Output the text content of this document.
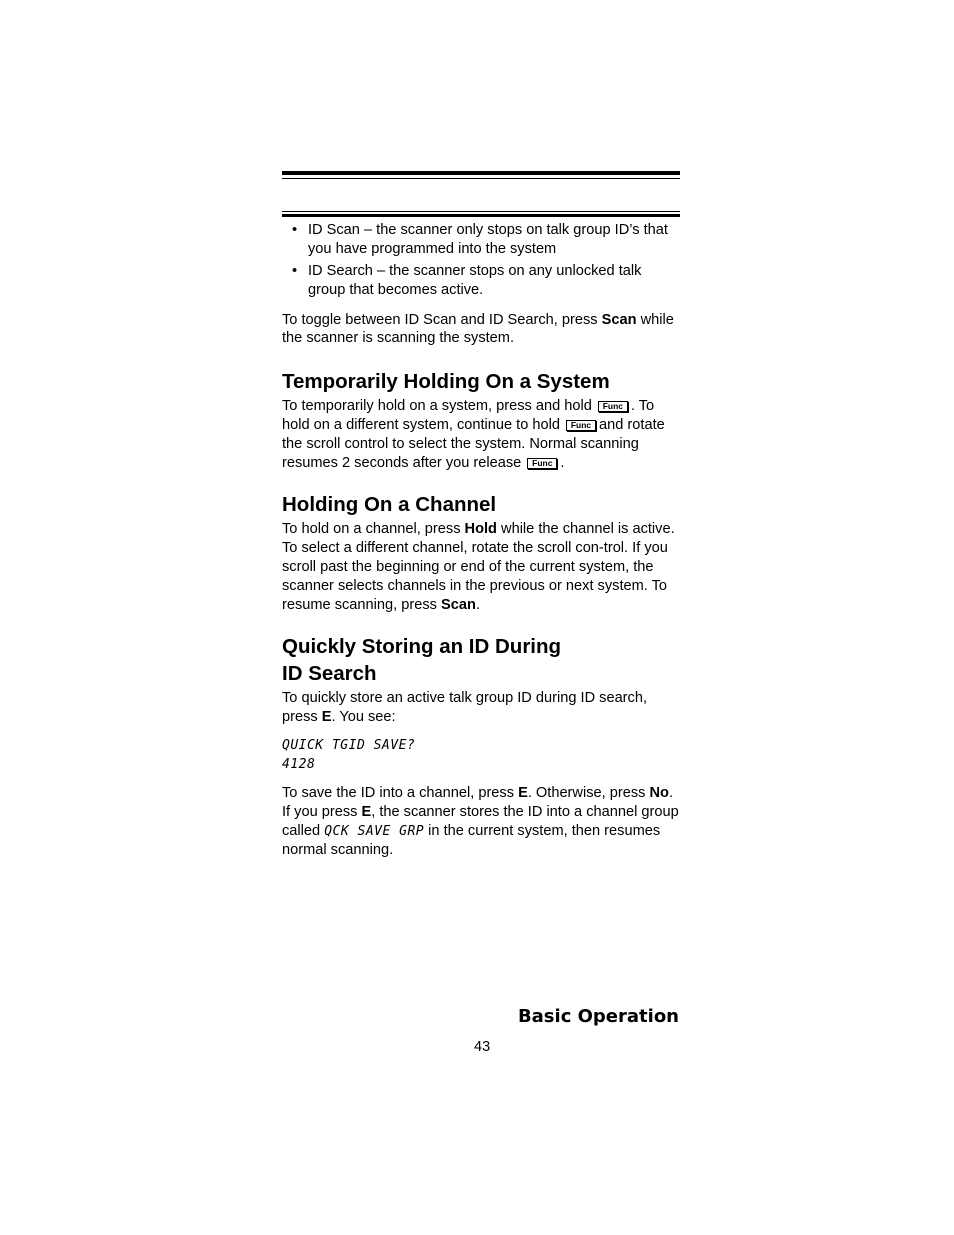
• ID Scan – the scanner only stops on talk group ID’s that you have programmed into the system
• ID Search – the scanner stops on any unlocked talk group that becomes active.

To toggle between ID Scan and ID Search, press Scan while the scanner is scanning the system.

Temporarily Holding On a System

To temporarily hold on a system, press and hold Func . To hold on a different system, continue to hold Func and rotate the scroll control to select the system. Normal scanning resumes 2 seconds after you release Func .

Holding On a Channel

To hold on a channel, press Hold while the channel is active. To select a different channel, rotate the scroll con-trol. If you scroll past the beginning or end of the current system, the scanner selects channels in the previous or next system. To resume scanning, press Scan.

Quickly Storing an ID During
ID Search

To quickly store an active talk group ID during ID search, press E. You see:

QUICK TGID SAVE?
4128

To save the ID into a channel, press E. Otherwise, press No. If you press E, the scanner stores the ID into a channel group called QCK SAVE GRP in the current system, then resumes normal scanning.

Basic Operation
43
